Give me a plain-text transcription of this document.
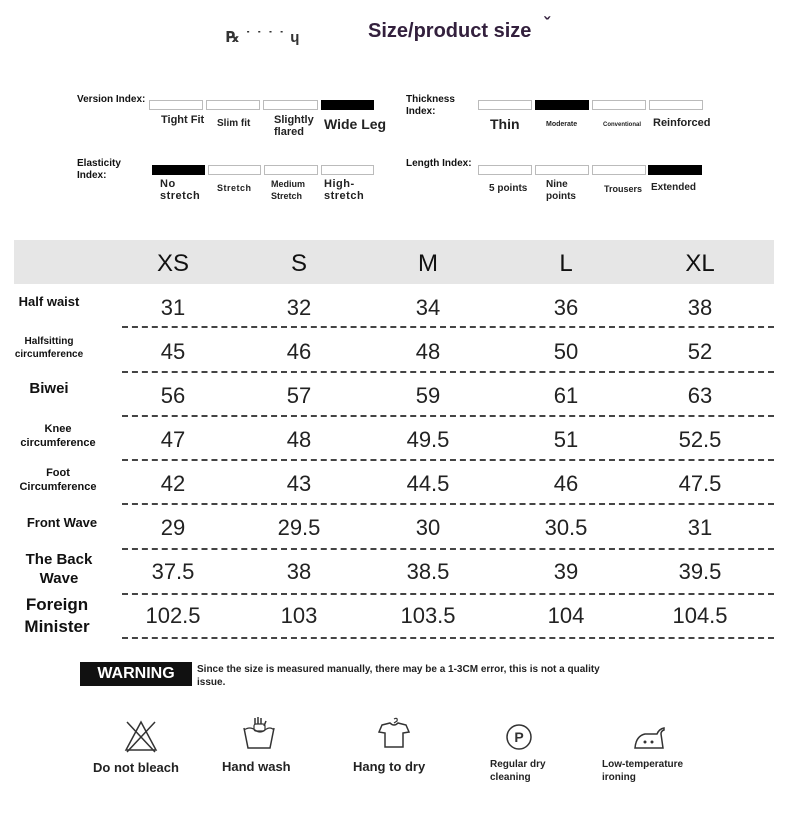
℞ ˙ ˙ ˙ ˙ ɥ	Size/product size ˇ
Version Index:
Tight Fit Slim fit Slightly flared	Wide Leg
Thickness Index:
Thin	Moderate	Conventional Reinforced
Elasticity Index:
No stretch
Stretch Medium Stretch
High-stretch
Length Index:
5 points Nine points
Trousers Extended
XS	S	M	L	XL
Half waist	31	32	34	36	38
Halfsitting circumference	45	46	48	50	52
Biwei	56	57	59	61	63
Knee circumference	47	48	49.5	51	52.5
Foot Circumference	42	43	44.5	46	47.5
Front Wave	29	29.5	30	30.5	31
The Back Wave	37.5	38	38.5	39	39.5
Foreign Minister	102.5	103	103.5	104	104.5
WARNING	Since the size is measured manually, there may be a 1-3CM error, this is not a quality issue.
Do not bleach	Hand wash	Hang to dry
P
Regular dry cleaning
Low-temperature ironing
